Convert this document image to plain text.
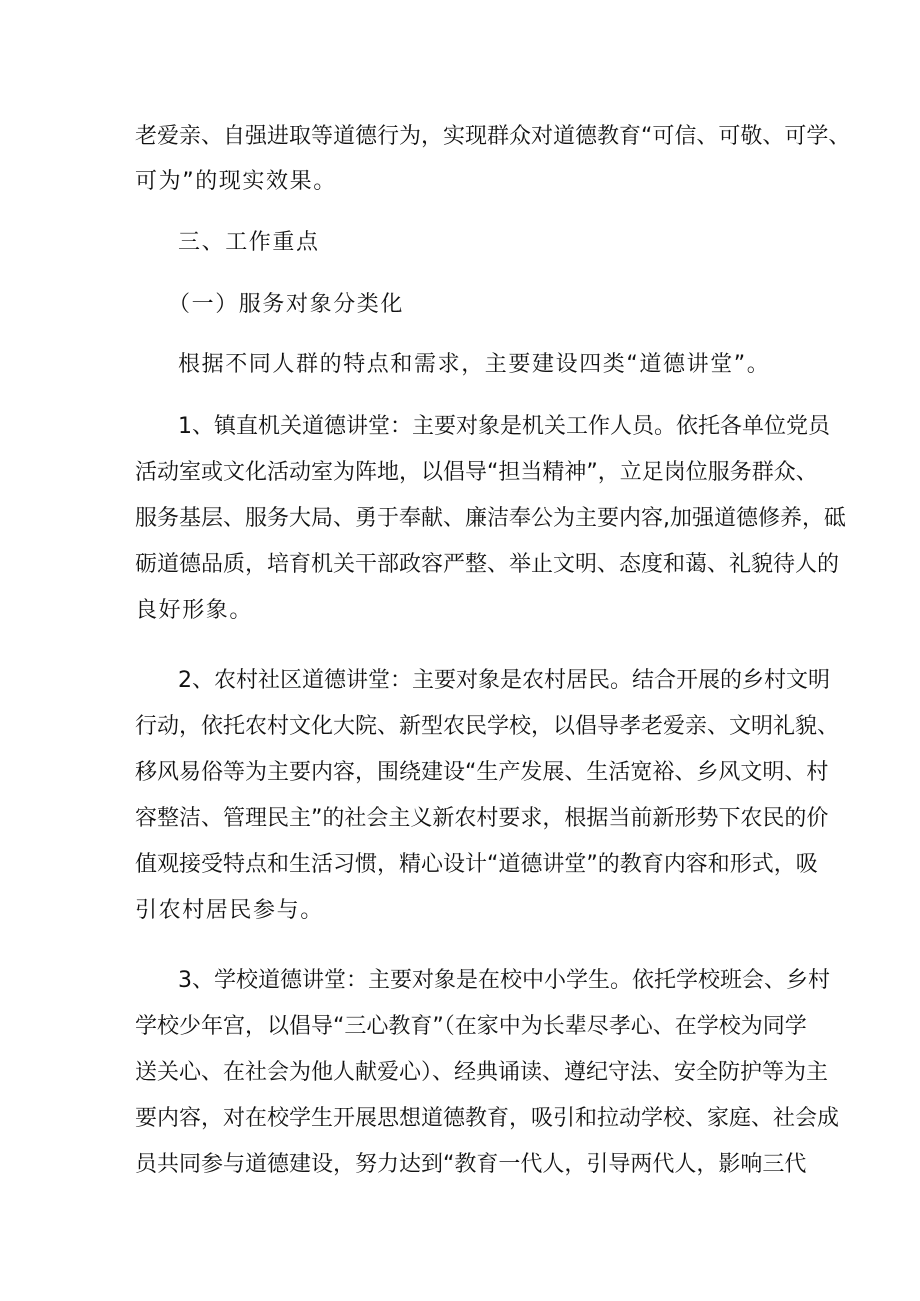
老爱亲、自强进取等道德行为，实现群众对道德教育“可信、可敬、可学、
可为”的现实效果。
三、工作重点
（一）服务对象分类化
根据不同人群的特点和需求，主要建设四类“道德讲堂”。
1、镇直机关道德讲堂：主要对象是机关工作人员。依托各单位党员
活动室或文化活动室为阵地，以倡导“担当精神”，立足岗位服务群众、
服务基层、服务大局、勇于奉献、廉洁奉公为主要内容,加强道德修养，砥
砺道德品质，培育机关干部政容严整、举止文明、态度和蔼、礼貌待人的
良好形象。
2、农村社区道德讲堂：主要对象是农村居民。结合开展的乡村文明
行动，依托农村文化大院、新型农民学校，以倡导孝老爱亲、文明礼貌、
移风易俗等为主要内容，围绕建设“生产发展、生活宽裕、乡风文明、村
容整洁、管理民主”的社会主义新农村要求，根据当前新形势下农民的价
值观接受特点和生活习惯，精心设计“道德讲堂”的教育内容和形式，吸
引农村居民参与。
3、学校道德讲堂：主要对象是在校中小学生。依托学校班会、乡村
学校少年宫，以倡导“三心教育”（在家中为长辈尽孝心、在学校为同学
送关心、在社会为他人献爱心）、经典诵读、遵纪守法、安全防护等为主
要内容，对在校学生开展思想道德教育，吸引和拉动学校、家庭、社会成
员共同参与道德建设，努力达到“教育一代人，引导两代人，影响三代
